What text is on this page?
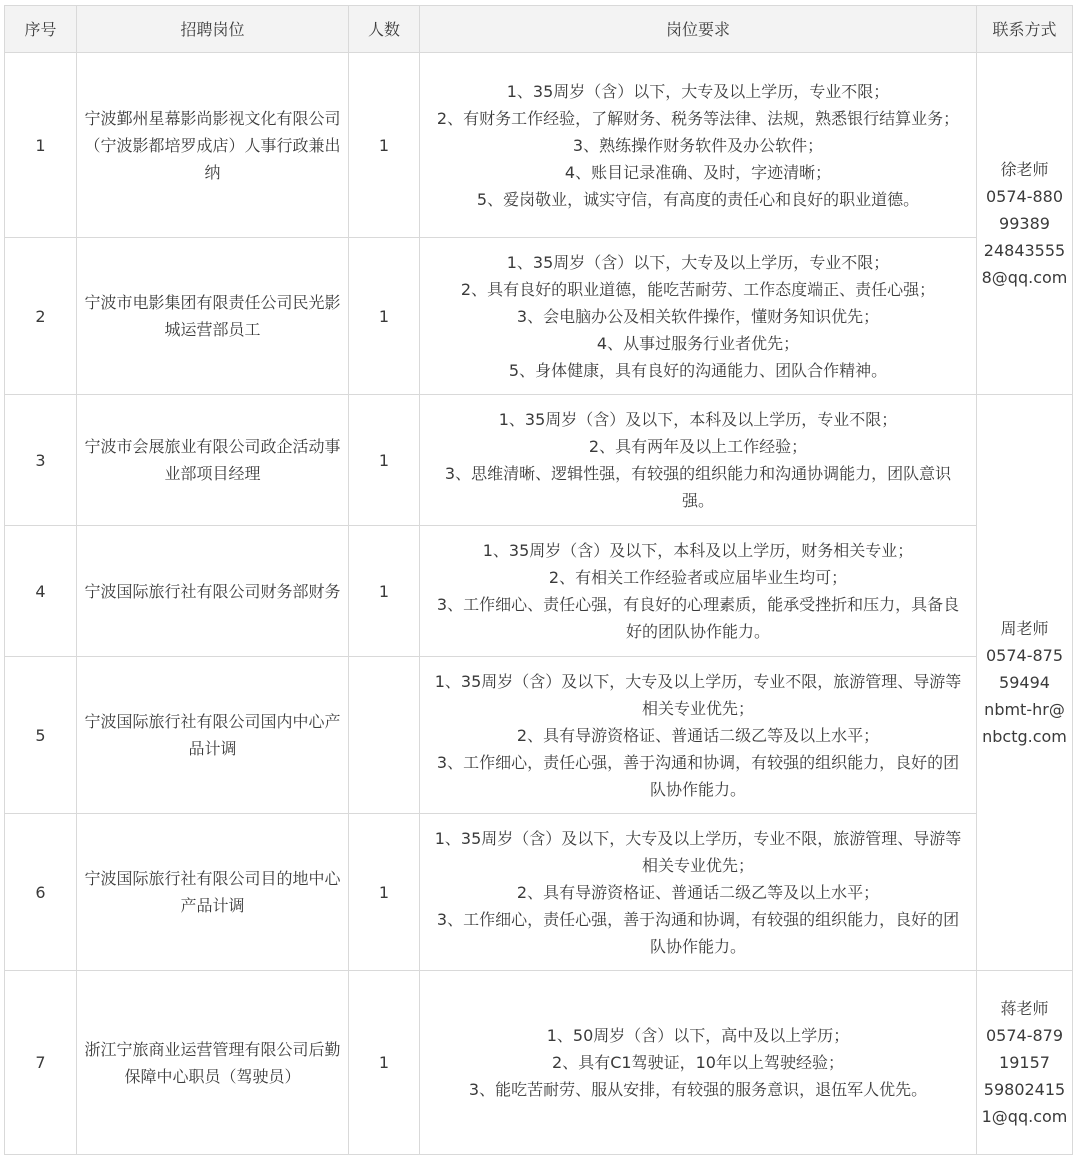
序号	招聘岗位	人数	岗位要求	联系方式
1	宁波鄞州星幕影尚影视文化有限公司（宁波影都培罗成店）人事行政兼出纳	1	1、35周岁（含）以下，大专及以上学历，专业不限；
2、有财务工作经验，了解财务、税务等法律、法规，熟悉银行结算业务；
3、熟练操作财务软件及办公软件；
4、账目记录准确、及时，字迹清晰；
5、爱岗敬业，诚实守信，有高度的责任心和良好的职业道德。	徐老师
0574-88099389
248435558@qq.com

2	宁波市电影集团有限责任公司民光影城运营部员工	1	1、35周岁（含）以下，大专及以上学历，专业不限；
2、具有良好的职业道德，能吃苦耐劳、工作态度端正、责任心强；
3、会电脑办公及相关软件操作，懂财务知识优先；
4、从事过服务行业者优先；
5、身体健康，具有良好的沟通能力、团队合作精神。	

3	宁波市会展旅业有限公司政企活动事业部项目经理	1	1、35周岁（含）及以下，本科及以上学历，专业不限；
2、具有两年及以上工作经验；
3、思维清晰、逻辑性强，有较强的组织能力和沟通协调能力，团队意识强。	周老师
0574-87559494
nbmt-hr@nbctg.com

4	宁波国际旅行社有限公司财务部财务	1	1、35周岁（含）及以下，本科及以上学历，财务相关专业；
2、有相关工作经验者或应届毕业生均可；
3、工作细心、责任心强，有良好的心理素质，能承受挫折和压力，具备良好的团队协作能力。	

5	宁波国际旅行社有限公司国内中心产品计调		1、35周岁（含）及以下，大专及以上学历，专业不限，旅游管理、导游等相关专业优先；
2、具有导游资格证、普通话二级乙等及以上水平；
3、工作细心，责任心强，善于沟通和协调，有较强的组织能力，良好的团队协作能力。	

6	宁波国际旅行社有限公司目的地中心产品计调	1	1、35周岁（含）及以下，大专及以上学历，专业不限，旅游管理、导游等相关专业优先；
2、具有导游资格证、普通话二级乙等及以上水平；
3、工作细心，责任心强，善于沟通和协调，有较强的组织能力，良好的团队协作能力。	

7	浙江宁旅商业运营管理有限公司后勤保障中心职员（驾驶员）	1	1、50周岁（含）以下，高中及以上学历；
2、具有C1驾驶证，10年以上驾驶经验；
3、能吃苦耐劳、服从安排，有较强的服务意识，退伍军人优先。	蒋老师
0574-87919157
598024151@qq.com
